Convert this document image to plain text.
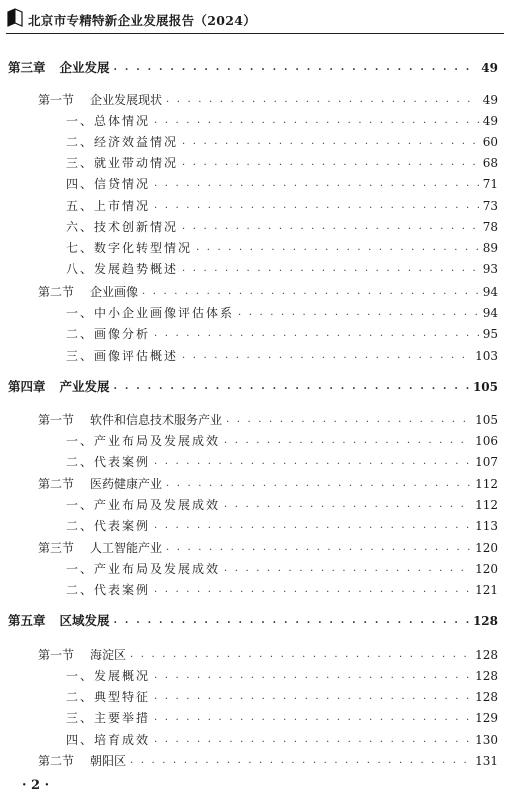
北京市专精特新企业发展报告（2024）
第三章 企业发展 . . .	49
第一节 企业发展现状 . . .	49
一、总体情况 . . .	49
二、经济效益情况 . . .	60
三、就业带动情况 . . .	68
四、信贷情况 . . .	71
五、上市情况 . . .	73
六、技术创新情况 . . .	78
七、数字化转型情况 . . .	89
八、发展趋势概述 . . .	93
第二节 企业画像 . . .	94
一、中小企业画像评估体系 . . .	94
二、画像分析 . . .	95
三、画像评估概述 . . .	103
第四章 产业发展 . . .	105
第一节 软件和信息技术服务产业 . . .	105
一、产业布局及发展成效 . . .	106
二、代表案例 . . .	107
第二节 医药健康产业 . . .	112
一、产业布局及发展成效 . . .	112
二、代表案例 . . .	113
第三节 人工智能产业 . . .	120
一、产业布局及发展成效 . . .	120
二、代表案例 . . .	121
第五章 区域发展 . . .	128
第一节 海淀区 . . .	128
一、发展概况 . . .	128
二、典型特征 . . .	128
三、主要举措 . . .	129
四、培育成效 . . .	130
第二节 朝阳区 . . .	131
· 2 ·
